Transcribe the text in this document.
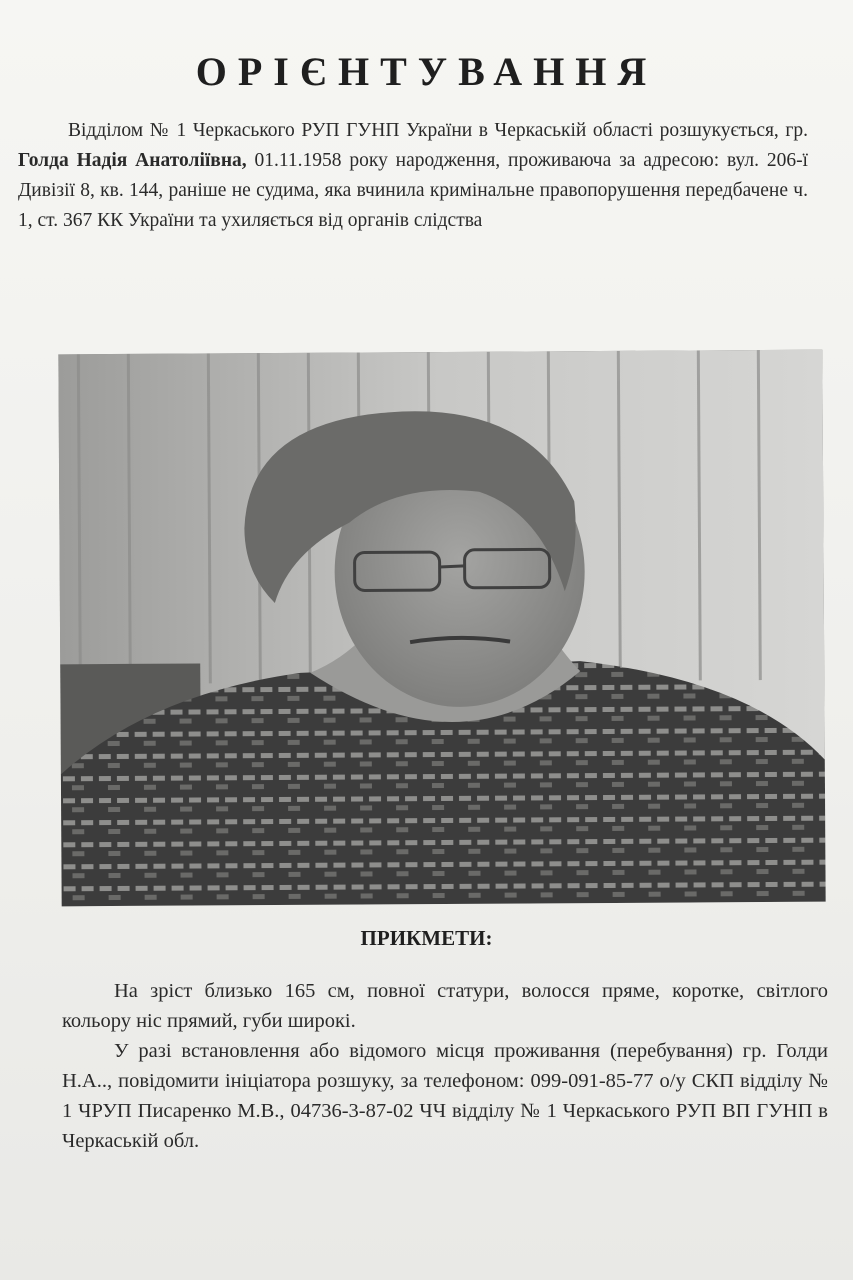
ОРІЄНТУВАННЯ
Відділом № 1 Черкаського РУП ГУНП України в Черкаській області розшукується, гр. Голда Надія Анатоліївна, 01.11.1958 року народження, проживаюча за адресою: вул. 206-ї Дивізії 8, кв. 144, раніше не судима, яка вчинила кримінальне правопорушення передбачене ч. 1, ст. 367 КК України та ухиляється від органів слідства
ПРИКМЕТИ:

На зріст близько 165 см, повної статури, волосся пряме, коротке, світлого кольору ніс прямий, губи широкі.

У разі встановлення або відомого місця проживання (перебування) гр. Голди Н.А.., повідомити ініціатора розшуку, за телефоном: 099-091-85-77 о/у СКП відділу № 1 ЧРУП Писаренко М.В., 04736-3-87-02 ЧЧ відділу № 1 Черкаського РУП ВП ГУНП в Черкаській обл.
